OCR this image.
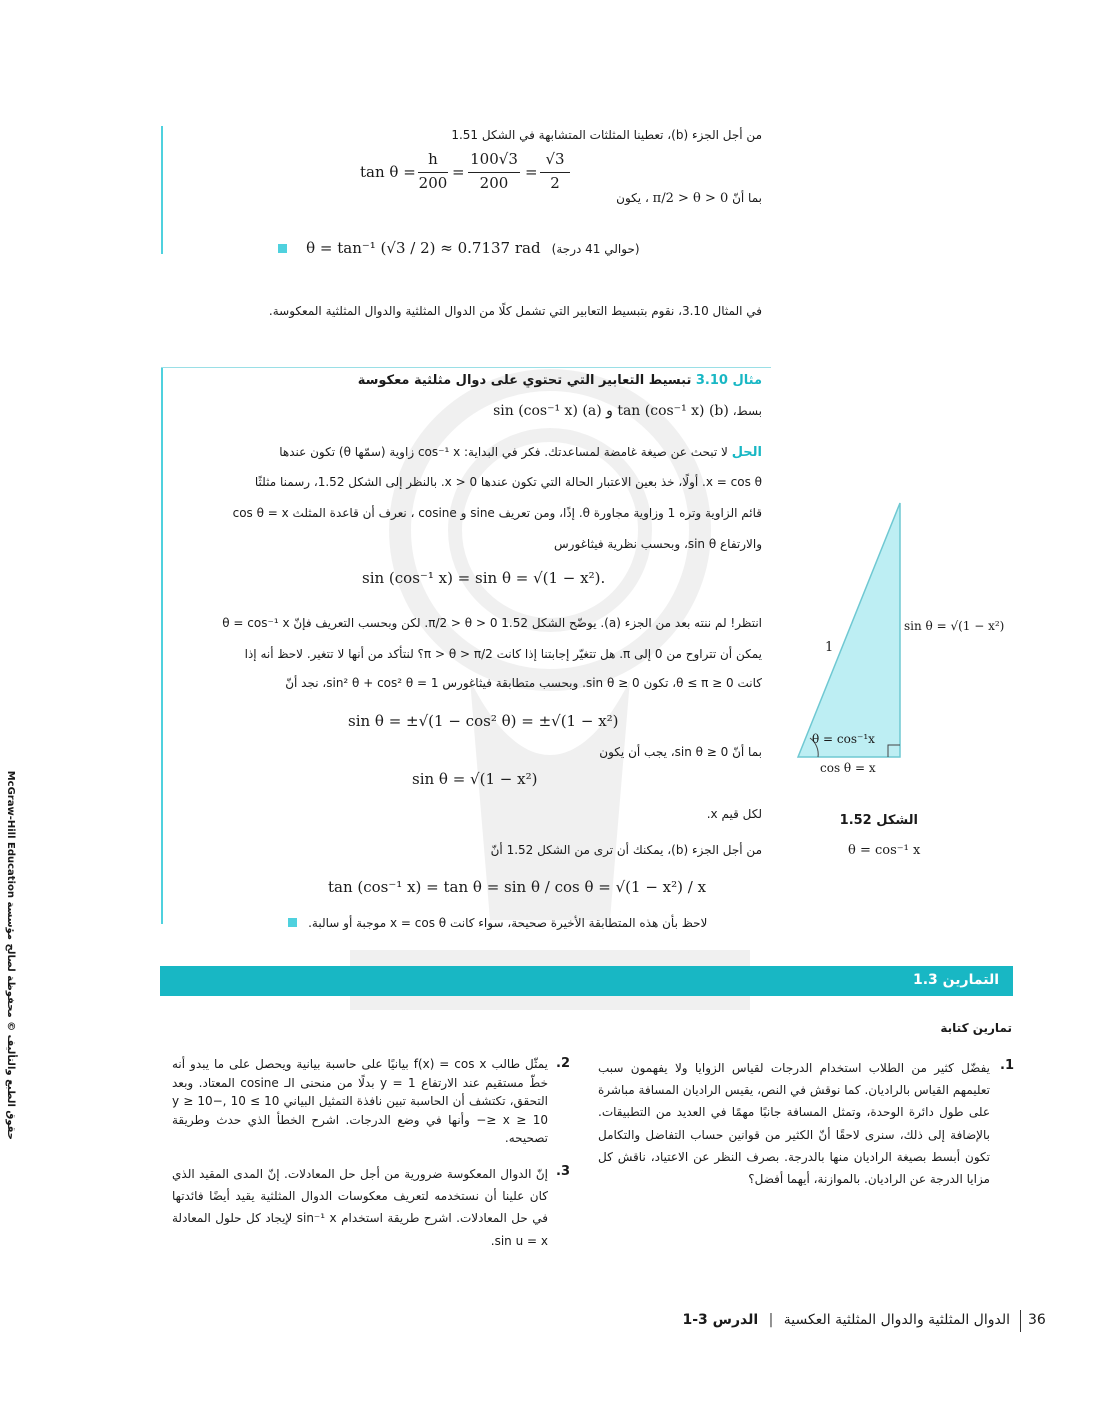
من أجل الجزء (b)، تعطينا المثلثات المتشابهة في الشكل 1.51
tan θ =
h
200
=
100√3
200
=
√3
2
بما أنّ π/2 > θ > 0 ، يكون
θ = tan⁻¹ (√3 / 2) ≈ 0.7137 rad (حوالي 41 درجة)
في المثال 3.10، نقوم بتبسيط التعابير التي تشمل كلًا من الدوال المثلثية والدوال المثلثية المعكوسة.
مثال 3.10 تبسيط التعابير التي تحتوي على دوال مثلثية معكوسة
بسط، (b) tan (cos⁻¹ x) و (a) sin (cos⁻¹ x)
الحل لا تبحث عن صيغة غامضة لمساعدتك. فكر في البداية: cos⁻¹ x زاوية (سمّها θ) تكون عندها
x = cos θ. أولًا، خذ بعين الاعتبار الحالة التي تكون عندها x > 0. بالنظر إلى الشكل 1.52، رسمنا مثلثًا
قائم الزاوية وتره 1 وزاوية مجاورة θ. إذًا، ومن تعريف sine و cosine ، نعرف أن قاعدة المثلث cos θ = x
والارتفاع sin θ، وبحسب نظرية فيثاغورس
sin (cos⁻¹ x) = sin θ = √(1 − x²).
انتظر! لم ننته بعد من الجزء (a). يوضّح الشكل 1.52 π/2 > θ > 0. لكن وبحسب التعريف فإنّ θ = cos⁻¹ x
يمكن أن تتراوح من 0 إلى π. هل تتغيّر إجابتنا إذا كانت π > θ > π/2؟ لنتأكد من أنها لا تتغير. لاحظ أنه إذا
كانت 0 ≤ θ ≤ π، تكون sin θ ≥ 0. وبحسب متطابقة فيثاغورس sin² θ + cos² θ = 1، نجد أنّ
sin θ = ±√(1 − cos² θ) = ±√(1 − x²)
بما أنّ sin θ ≥ 0، يجب أن يكون
sin θ = √(1 − x²)
لكل قيم x.
من أجل الجزء (b)، يمكنك أن ترى من الشكل 1.52 أنّ
tan (cos⁻¹ x) = tan θ = sin θ / cos θ = √(1 − x²) / x
لاحظ بأن هذه المتطابقة الأخيرة صحيحة، سواء كانت x = cos θ موجبة أو سالبة.
1
sin θ = √(1 − x²)
θ = cos⁻¹x
cos θ = x
الشكل 1.52
θ = cos⁻¹ x
التمارين 1.3
تمارين كتابة
1.
يفضّل كثير من الطلاب استخدام الدرجات لقياس الزوايا ولا يفهمون سبب تعليمهم القياس بالراديان. كما نوقش في النص، يقيس الراديان المسافة مباشرة على طول دائرة الوحدة، وتمثل المسافة جانبًا مهمًا في العديد من التطبيقات. بالإضافة إلى ذلك، سنرى لاحقًا أنّ الكثير من قوانين حساب التفاضل والتكامل تكون أبسط بصيغة الراديان منها بالدرجة. بصرف النظر عن الاعتياد، ناقش كل مزايا الدرجة عن الراديان. بالموازنة، أيهما أفضل؟
2.
يمثّل طالب f(x) = cos x بيانيًا على حاسبة بيانية ويحصل على ما يبدو أنه خطّ مستقيم عند الارتفاع y = 1 بدلًا من منحنى الـ cosine المعتاد. وبعد التحقق، تكتشف أن الحاسبة تبين نافذة التمثيل البياني 10 ≥ y ≥ 10−, 10 ≥ x ≥ 10− وأنها في وضع الدرجات. اشرح الخطأ الذي حدث وطريقة تصحيحه.
3.
إنّ الدوال المعكوسة ضرورية من أجل حل المعادلات. إنّ المدى المقيد الذي كان علينا أن نستخدمه لتعريف معكوسات الدوال المثلثية يقيد أيضًا فائدتها في حل المعادلات. اشرح طريقة استخدام sin⁻¹ x لإيجاد كل حلول المعادلة sin u = x.
الدوال المثلثية والدوال المثلثية العكسية | الدرس 3-1	36
حقوق الطبع والتأليف © محفوظة لصالح مؤسسة McGraw-Hill Education
